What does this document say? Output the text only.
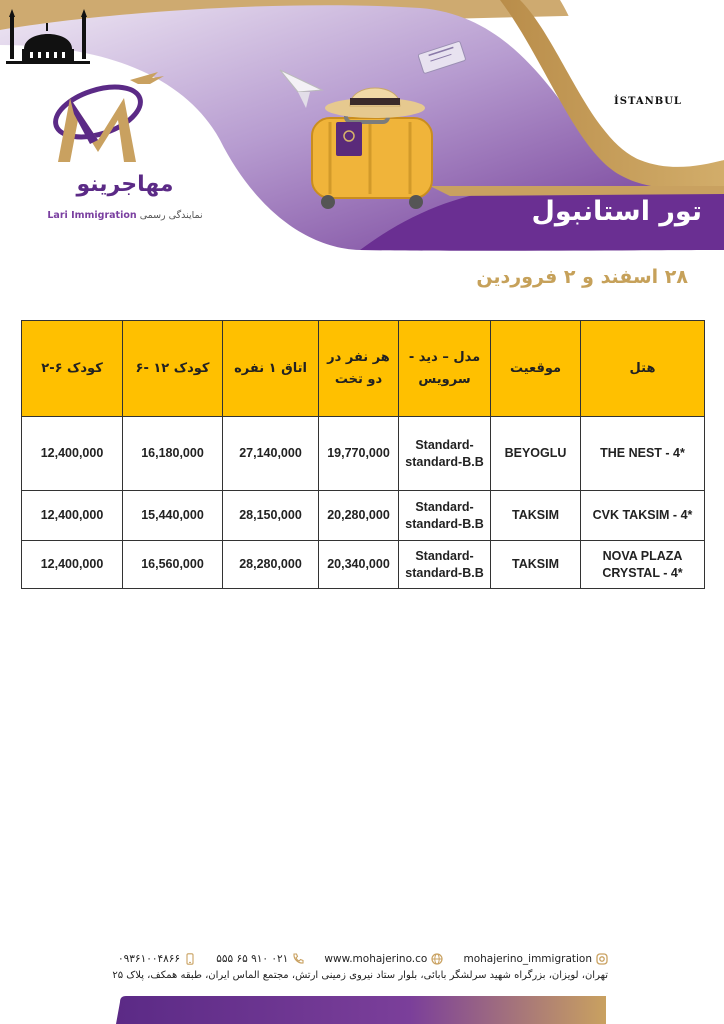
مهاجرینو
Lari Immigration نمایندگی رسمی
İSTANBUL
تور استانبول
۲۸ اسفند و ۲ فروردین
هتل	موقعیت	مدل – دید - سرویس	هر نفر در دو تخت	اتاق ۱ نفره	کودک ۱۲ -۶	کودک ۶-۲
THE NEST - 4*	BEYOGLU	Standard-standard-B.B	19,770,000	27,140,000	16,180,000	12,400,000
CVK TAKSIM - 4*	TAKSIM	Standard-standard-B.B	20,280,000	28,150,000	15,440,000	12,400,000
NOVA PLAZA CRYSTAL - 4*	TAKSIM	Standard-standard-B.B	20,340,000	28,280,000	16,560,000	12,400,000
mohajerino_immigration
www.mohajerino.co
۰۲۱ ۹۱۰ ۶۵ ۵۵۵
۰۹۳۶۱۰۰۴۸۶۶
تهران، لویزان، بزرگراه شهید سرلشگر بابائی، بلوار ستاد نیروی زمینی ارتش، مجتمع الماس ایران، طبقه همکف، پلاک ۲۵
